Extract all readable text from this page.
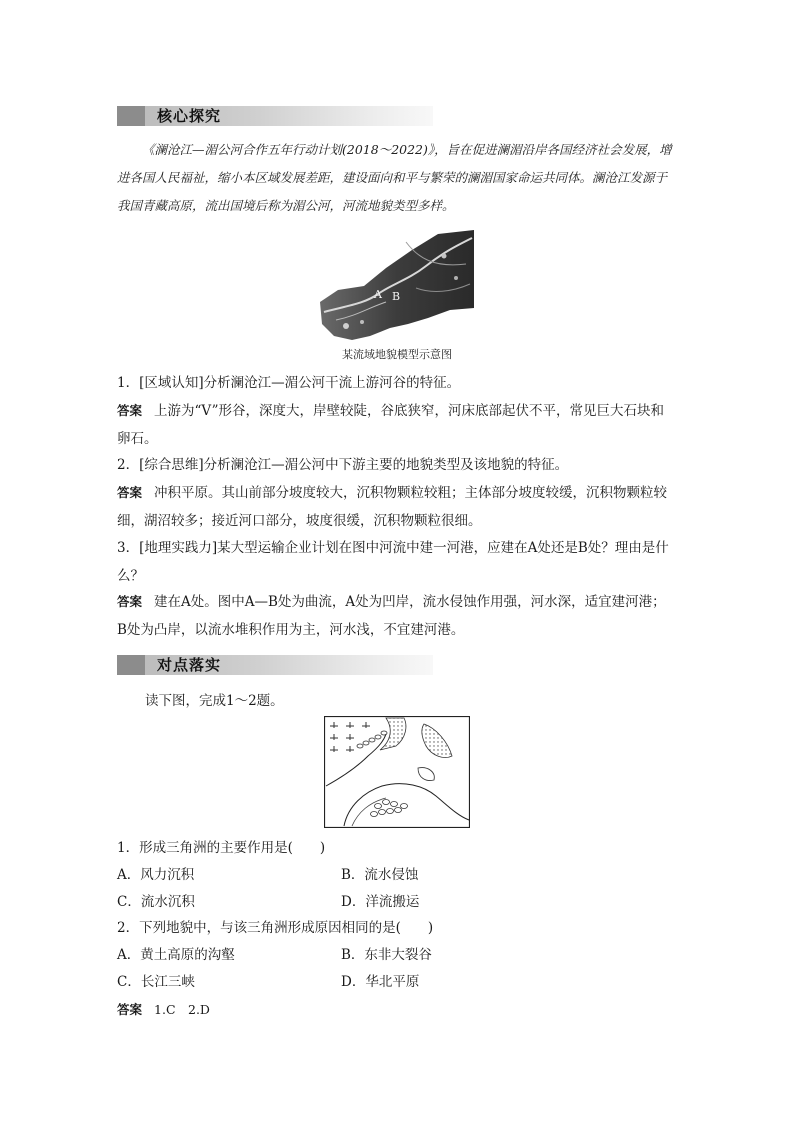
核心探究

《澜沧江—湄公河合作五年行动计划(2018～2022)》，旨在促进澜湄沿岸各国经济社会发展，增进各国人民福祉，缩小本区域发展差距，建设面向和平与繁荣的澜湄国家命运共同体。澜沧江发源于我国青藏高原，流出国境后称为湄公河，河流地貌类型多样。

A B
某流域地貌模型示意图
1．[区域认知]分析澜沧江—湄公河干流上游河谷的特征。
答案 上游为“V”形谷，深度大，岸壁较陡，谷底狭窄，河床底部起伏不平，常见巨大石块和卵石。
2．[综合思维]分析澜沧江—湄公河中下游主要的地貌类型及该地貌的特征。
答案 冲积平原。其山前部分坡度较大，沉积物颗粒较粗；主体部分坡度较缓，沉积物颗粒较细，湖沼较多；接近河口部分，坡度很缓，沉积物颗粒很细。
3．[地理实践力]某大型运输企业计划在图中河流中建一河港，应建在A处还是B处？理由是什么？
答案 建在A处。图中A—B处为曲流，A处为凹岸，流水侵蚀作用强，河水深，适宜建河港；B处为凸岸，以流水堆积作用为主，河水浅，不宜建河港。
对点落实
读下图，完成1～2题。
1．形成三角洲的主要作用是(　　)
A．风力沉积	B．流水侵蚀
C．流水沉积	D．洋流搬运
2．下列地貌中，与该三角洲形成原因相同的是(　　)
A．黄土高原的沟壑	B．东非大裂谷
C．长江三峡	D．华北平原
答案 1.C　2.D
